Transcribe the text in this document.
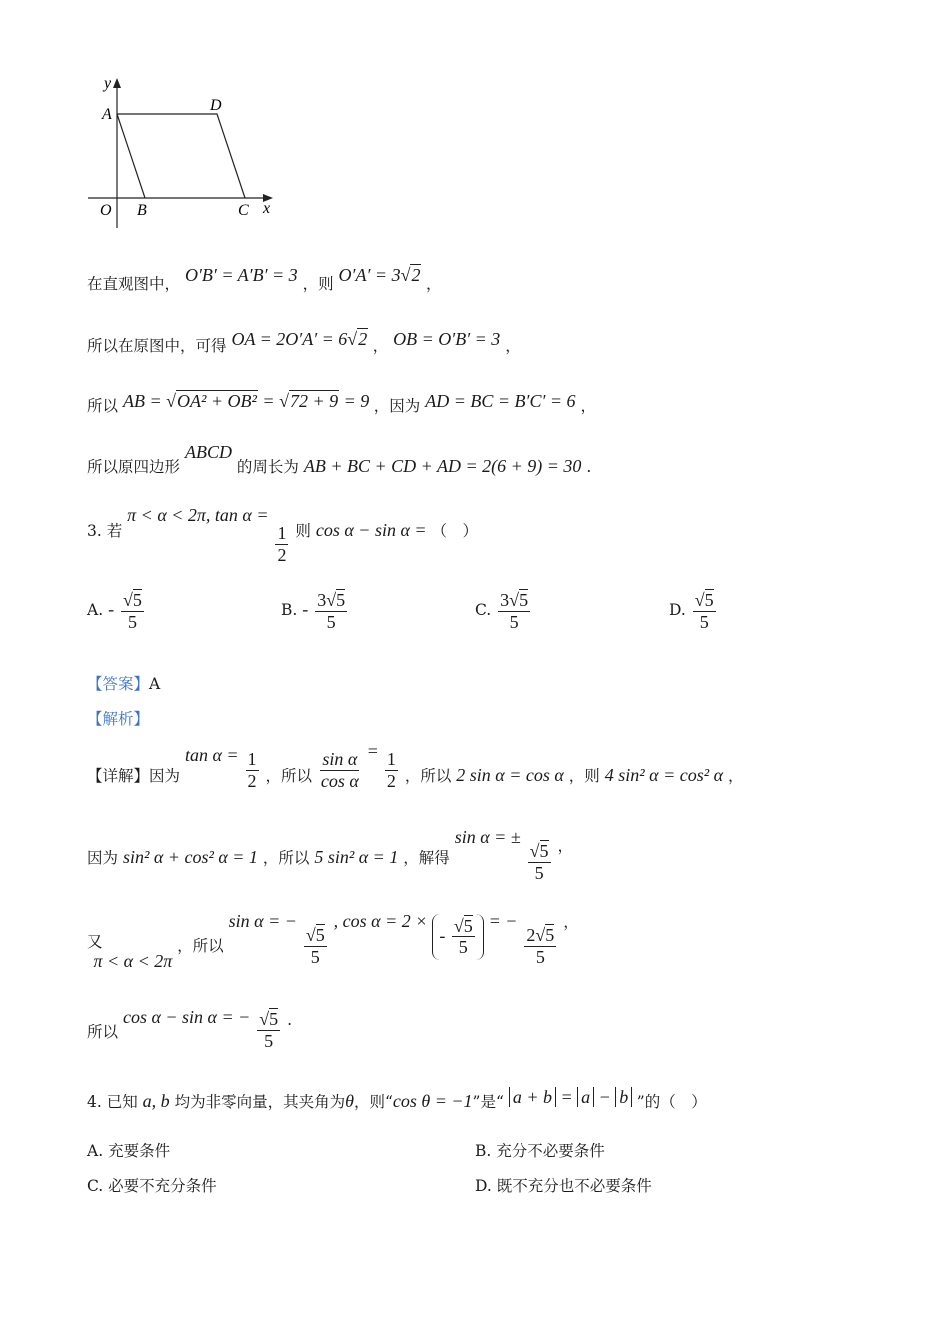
y
A
D
O B	C x
在直观图中， O′B′ = A′B′ = 3 ，则 O′A′ = 3√2 ，
所以在原图中，可得 OA = 2O′A′ = 6√2 ， OB = O′B′ = 3 ，
所以 AB = √OA² + OB² = √72 + 9 = 9 ，因为 AD = BC = B′C′ = 6 ，
所以原四边形 ABCD 的周长为 AB + BC + CD + AD = 2(6 + 9) = 30 .
3. 若 π < α < 2π, tan α =
$\frac{1}{2}$ 则 cos α − sin α = （　）
A. - $\frac{√5}{5}$	B. - $\frac{3√5}{5}$	C. $\frac{3√5}{5}$	D. $\frac{√5}{5}$
【答案】A
【解析】
【详解】因为 $\tan \alpha = \frac{1}{2}$ ，所以 $\frac{\text{sin α}}{\text{cos α}} = \frac{1}{2}$ ，所以 2 sin α = cos α ，则 4 sin² α = cos² α ，
因为 sin² α + cos² α = 1 ，所以 5 sin² α = 1 ，解得 sin α = ±
$\frac{√5}{5}$ ，
又 π < α < 2π ，所以 sin α = −
$\frac{√5}{5}$
, cos α = 2 × - $\frac{√5}{5}$ = −
$\frac{2√5}{5}$
，
所以 cos α − sin α = − $\frac{√5}{5}$ .
4. 已知 a, b 均为非零向量，其夹角为θ，则“cos θ = −1”是“ a + b = a − b ”的（　）
A. 充要条件	B. 充分不必要条件
C. 必要不充分条件	D. 既不充分也不必要条件
